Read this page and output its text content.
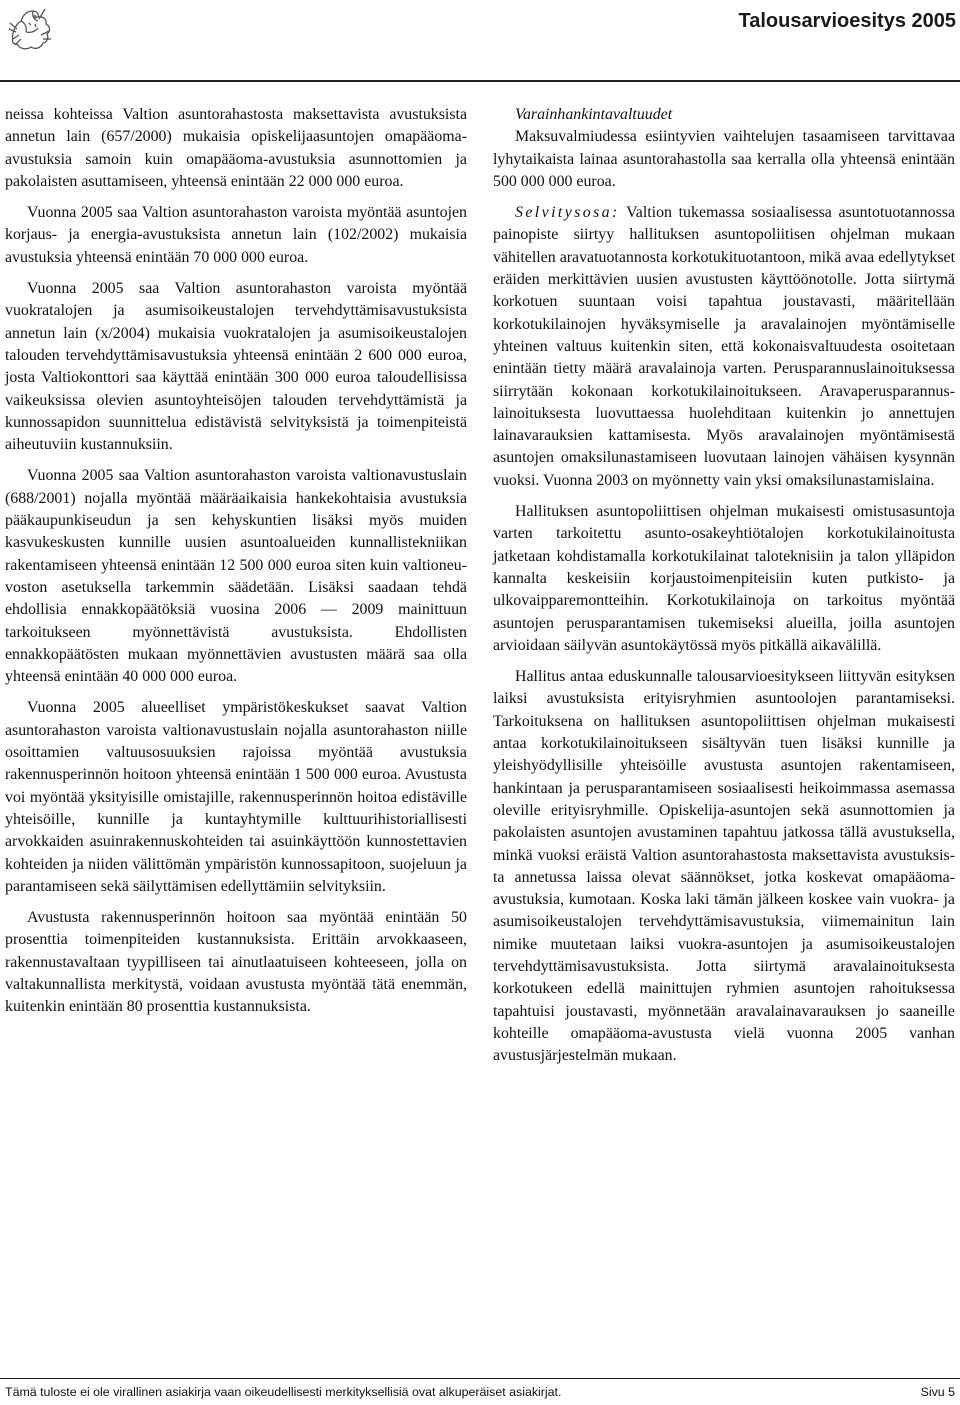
Talousarvioesitys 2005

neissa kohteissa Valtion asuntorahastosta maksettavista avustuksista annetun lain (657/2000) mukaisia opiskelijaasuntojen omapääoma-avustuksia samoin kuin omapääoma-avustuksia asunnottomien ja pakolaisten asuttamiseen, yhteensä enintään 22 000 000 euroa.

Vuonna 2005 saa Valtion asuntorahaston varoista myöntää asuntojen korjaus- ja energia-avustuksista annetun lain (102/2002) mukaisia avustuksia yhteensä enintään 70 000 000 euroa.

Vuonna 2005 saa Valtion asuntorahaston varoista myöntää vuokratalojen ja asumisoikeustalojen tervehdyttämisavustuksista annetun lain (x/2004) mukaisia vuokratalojen ja asumisoikeustalojen talouden tervehdyttämisavustuksia yhteensä enintään 2 600 000 euroa, josta Valtiokonttori saa käyttää enintään 300 000 euroa taloudellisissa vaikeuksissa olevien asuntoyhteisöjen talouden tervehdyttämistä ja kunnossapidon suunnittelua edistävistä selvityksistä ja toimenpiteistä aiheutuviin kustannuksiin.

Vuonna 2005 saa Valtion asuntorahaston varoista valtionavustuslain (688/2001) nojalla myöntää määräaikaisia hankekohtaisia avustuksia pääkaupunkiseudun ja sen kehyskuntien lisäksi myös muiden kasvukeskusten kunnille uusien asuntoalueiden kunnallistekniikan rakentamiseen yhteensä enintään 12 500 000 euroa siten kuin valtioneuvoston asetuksella tarkemmin säädetään. Lisäksi saadaan tehdä ehdollisia ennakkopäätöksiä vuosina 2006 — 2009 mainittuun tarkoitukseen myönnettävistä avustuksista. Ehdollisten ennakkopäätösten mukaan myönnettävien avustusten määrä saa olla yhteensä enintään 40 000 000 euroa.

Vuonna 2005 alueelliset ympäristökeskukset saavat Valtion asuntorahaston varoista valtionavustuslain nojalla asuntorahaston niille osoittamien valtuusosuuksien rajoissa myöntää avustuksia rakennusperinnön hoitoon yhteensä enintään 1 500 000 euroa. Avustusta voi myöntää yksityisille omistajille, rakennusperinnön hoitoa edistäville yhteisöille, kunnille ja kuntayhtymille kulttuurihistoriallisesti arvokkaiden asuinrakennuskohteiden tai asuinkäyttöön kunnostettavien kohteiden ja niiden välittömän ympäristön kunnossapitoon, suojeluun ja parantamiseen sekä säilyttämisen edellyttämiin selvityksiin.

Avustusta rakennusperinnön hoitoon saa myöntää enintään 50 prosenttia toimenpiteiden kustannuksista. Erittäin arvokkaaseen, rakennustavaltaan tyypilliseen tai ainutlaatuiseen kohteeseen, jolla on valtakunnallista merkitystä, voidaan avustusta myöntää tätä enemmän, kuitenkin enintään 80 prosenttia kustannuksista.

Varainhankintavaltuudet

Maksuvalmiudessa esiintyvien vaihtelujen tasaamiseen tarvittavaa lyhytaikaista lainaa asuntorahastolla saa kerralla olla yhteensä enintään 500 000 000 euroa.

Selvitysosa: Valtion tukemassa sosiaalisessa asuntotuotannossa painopiste siirtyy hallituksen asuntopoliitisen ohjelman mukaan vähitellen aravatuotannosta korkotukituotantoon, mikä avaa edellytykset eräiden merkittävien uusien avustusten käyttöönotolle. Jotta siirtymä korkotuen suuntaan voisi tapahtua joustavasti, määritellään korkotukilainojen hyväksymiselle ja aravalainojen myöntämiselle yhteinen valtuus kuitenkin siten, että kokonaisvaltuudesta osoitetaan enintään tietty määrä aravalainoja varten. Perusparannuslainoituksessa siirrytään kokonaan korkotukilainoitukseen. Aravaperusparannuslainoituksesta luovuttaessa huolehditaan kuitenkin jo annettujen lainavarauksien kattamisesta. Myös aravalainojen myöntämisestä asuntojen omaksilunastamiseen luovutaan lainojen vähäisen kysynnän vuoksi. Vuonna 2003 on myönnetty vain yksi omaksilunastamislaina.

Hallituksen asuntopoliittisen ohjelman mukaisesti omistusasuntoja varten tarkoitettu asunto-osakeyhtiötalojen korkotukilainoitusta jatketaan kohdistamalla korkotukilainat taloteknisiin ja talon ylläpidon kannalta keskeisiin korjaustoimenpiteisiin kuten putkisto- ja ulkovaipparemontteihin. Korkotukilainoja on tarkoitus myöntää asuntojen perusparantamisen tukemiseksi alueilla, joilla asuntojen arvioidaan säilyvän asuntokäytössä myös pitkällä aikavälillä.

Hallitus antaa eduskunnalle talousarvioesitykseen liittyvän esityksen laiksi avustuksista erityisryhmien asuntoolojen parantamiseksi. Tarkoituksena on hallituksen asuntopoliittisen ohjelman mukaisesti antaa korkotukilainoitukseen sisältyvän tuen lisäksi kunnille ja yleishyödyllisille yhteisöille avustusta asuntojen rakentamiseen, hankintaan ja perusparantamiseen sosiaalisesti heikoimmassa asemassa oleville erityisryhmille. Opiskelija-asuntojen sekä asunnottomien ja pakolaisten asuntojen avustaminen tapahtuu jatkossa tällä avustuksella, minkä vuoksi eräistä Valtion asuntorahastosta maksettavista avustuksista annetussa laissa olevat säännökset, jotka koskevat omapääoma-avustuksia, kumotaan. Koska laki tämän jälkeen koskee vain vuokra- ja asumisoikeustalojen tervehdyttämisavustuksia, viimemainitun lain nimike muutetaan laiksi vuokra-asuntojen ja asumisoikeustalojen tervehdyttämisavustuksista. Jotta siirtymä aravalainoituksesta korkotukeen edellä mainittujen ryhmien asuntojen rahoituksessa tapahtuisi joustavasti, myönnetään aravalainavarauksen jo saaneille kohteille omapääoma-avustusta vielä vuonna 2005 vanhan avustusjärjestelmän mukaan.

Tämä tuloste ei ole virallinen asiakirja vaan oikeudellisesti merkityksellisiä ovat alkuperäiset asiakirjat.	Sivu 5
